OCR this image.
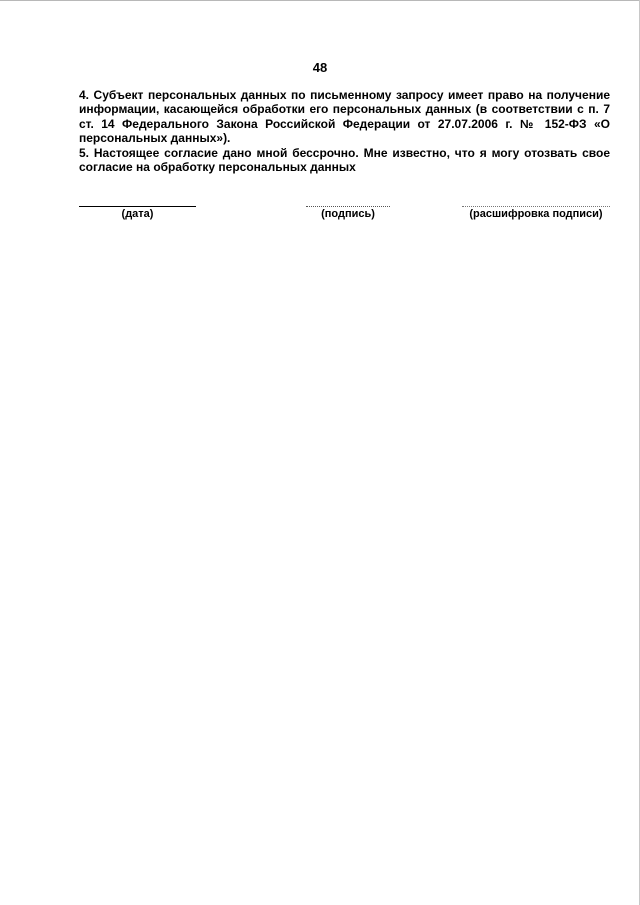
48

4. Субъект персональных данных по письменному запросу имеет право на получение информации, касающейся обработки его персональных данных (в соответствии с п. 7 ст. 14 Федерального Закона Российской Федерации от 27.07.2006 г. № 152-ФЗ «О персональных данных»).

5. Настоящее согласие дано мной бессрочно. Мне известно, что я могу отозвать свое согласие на обработку персональных данных

(дата)	(подпись)	(расшифровка подписи)
